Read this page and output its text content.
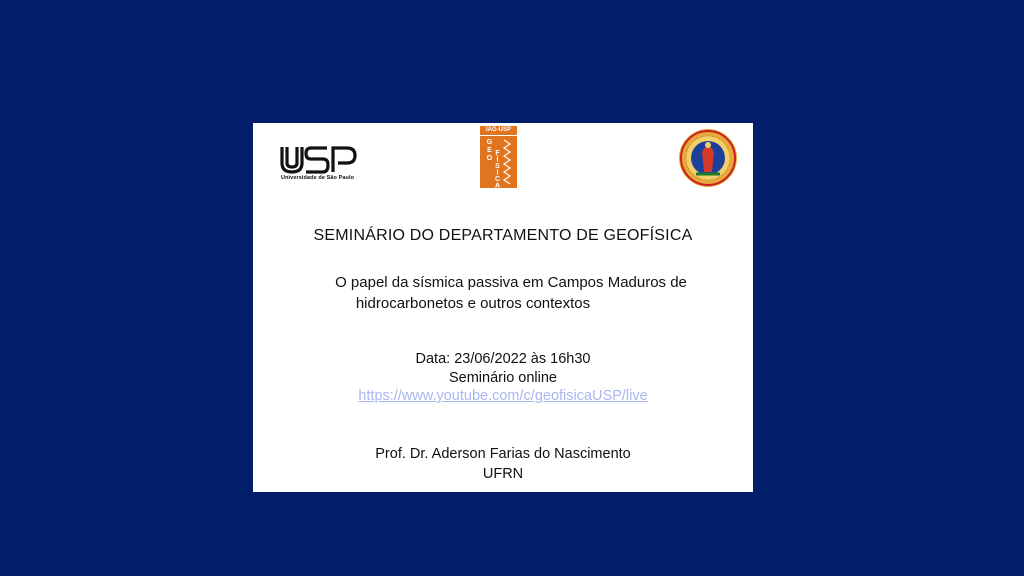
Universidade de São Paulo
IAG-USP
GEO FÍSICA
SEMINÁRIO DO DEPARTAMENTO DE GEOFÍSICA
O papel da sísmica passiva em Campos Maduros de
hidrocarbonetos e outros contextos
Data: 23/06/2022 às 16h30
Seminário online
https://www.youtube.com/c/geofisicaUSP/live
Prof. Dr. Aderson Farias do Nascimento
UFRN
